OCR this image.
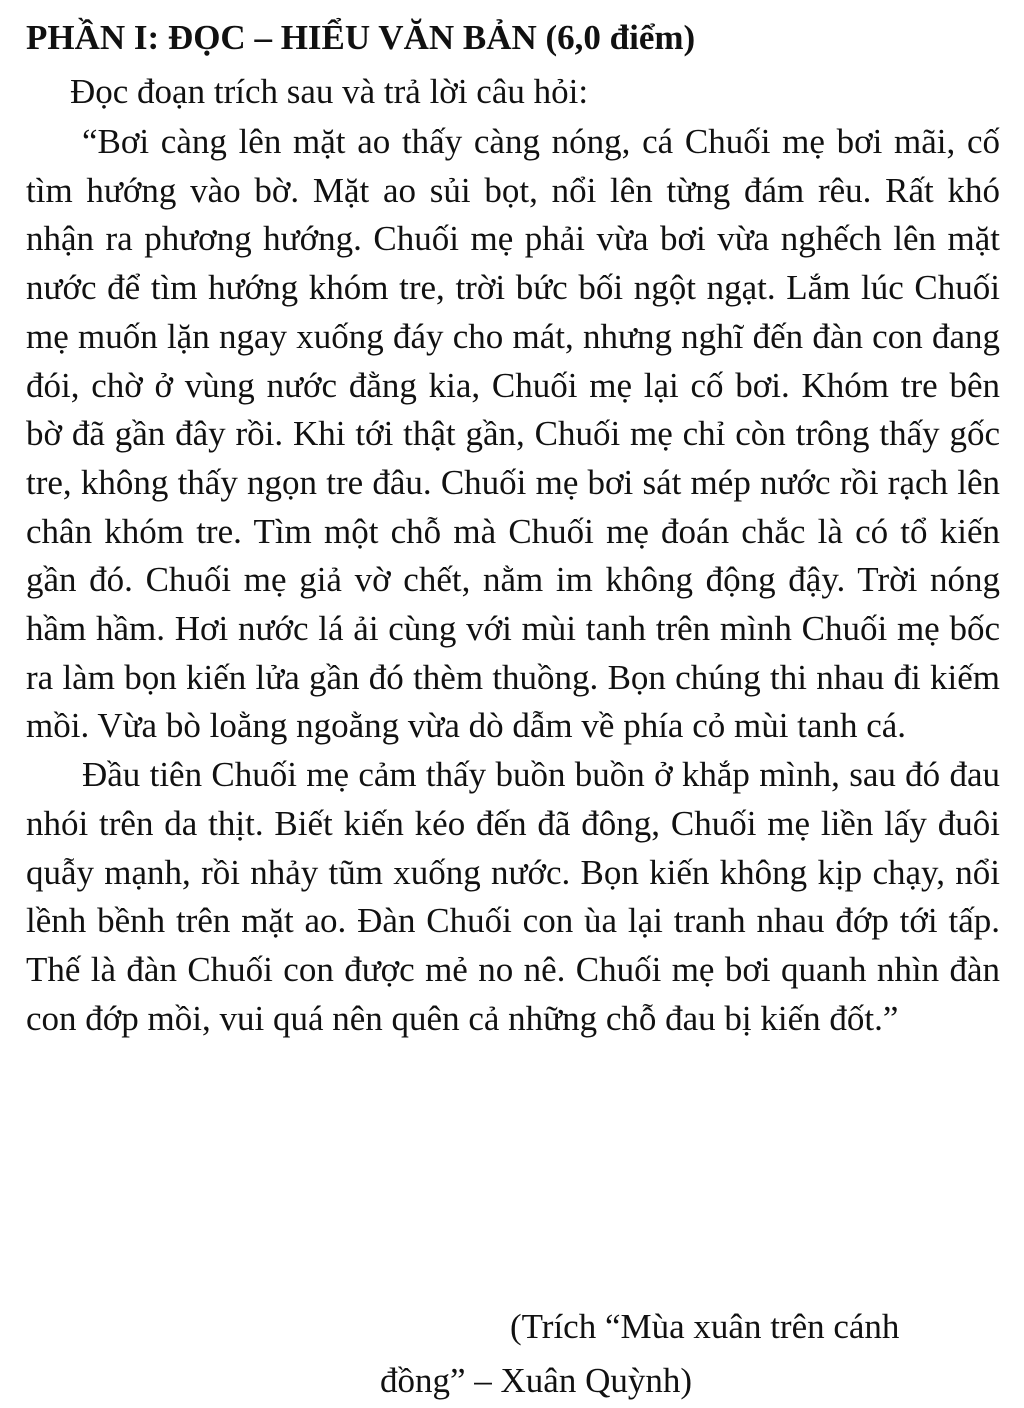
PHẦN I: ĐỌC – HIỂU VĂN BẢN (6,0 điểm)
Đọc đoạn trích sau và trả lời câu hỏi:

“Bơi càng lên mặt ao thấy càng nóng, cá Chuối mẹ bơi mãi, cố tìm hướng vào bờ. Mặt ao sủi bọt, nổi lên từng đám rêu. Rất khó nhận ra phương hướng. Chuối mẹ phải vừa bơi vừa nghếch lên mặt nước để tìm hướng khóm tre, trời bức bối ngột ngạt. Lắm lúc Chuối mẹ muốn lặn ngay xuống đáy cho mát, nhưng nghĩ đến đàn con đang đói, chờ ở vùng nước đằng kia, Chuối mẹ lại cố bơi. Khóm tre bên bờ đã gần đây rồi. Khi tới thật gần, Chuối mẹ chỉ còn trông thấy gốc tre, không thấy ngọn tre đâu. Chuối mẹ bơi sát mép nước rồi rạch lên chân khóm tre. Tìm một chỗ mà Chuối mẹ đoán chắc là có tổ kiến gần đó. Chuối mẹ giả vờ chết, nằm im không động đậy. Trời nóng hầm hầm. Hơi nước lá ải cùng với mùi tanh trên mình Chuối mẹ bốc ra làm bọn kiến lửa gần đó thèm thuồng. Bọn chúng thi nhau đi kiếm mồi. Vừa bò loằng ngoằng vừa dò dẫm về phía cỏ mùi tanh cá.

Đầu tiên Chuối mẹ cảm thấy buồn buồn ở khắp mình, sau đó đau nhói trên da thịt. Biết kiến kéo đến đã đông, Chuối mẹ liền lấy đuôi quẫy mạnh, rồi nhảy tũm xuống nước. Bọn kiến không kịp chạy, nổi lềnh bềnh trên mặt ao. Đàn Chuối con ùa lại tranh nhau đớp tới tấp. Thế là đàn Chuối con được mẻ no nê. Chuối mẹ bơi quanh nhìn đàn con đớp mồi, vui quá nên quên cả những chỗ đau bị kiến đốt.”

(Trích “Mùa xuân trên cánh
đồng” – Xuân Quỳnh)
